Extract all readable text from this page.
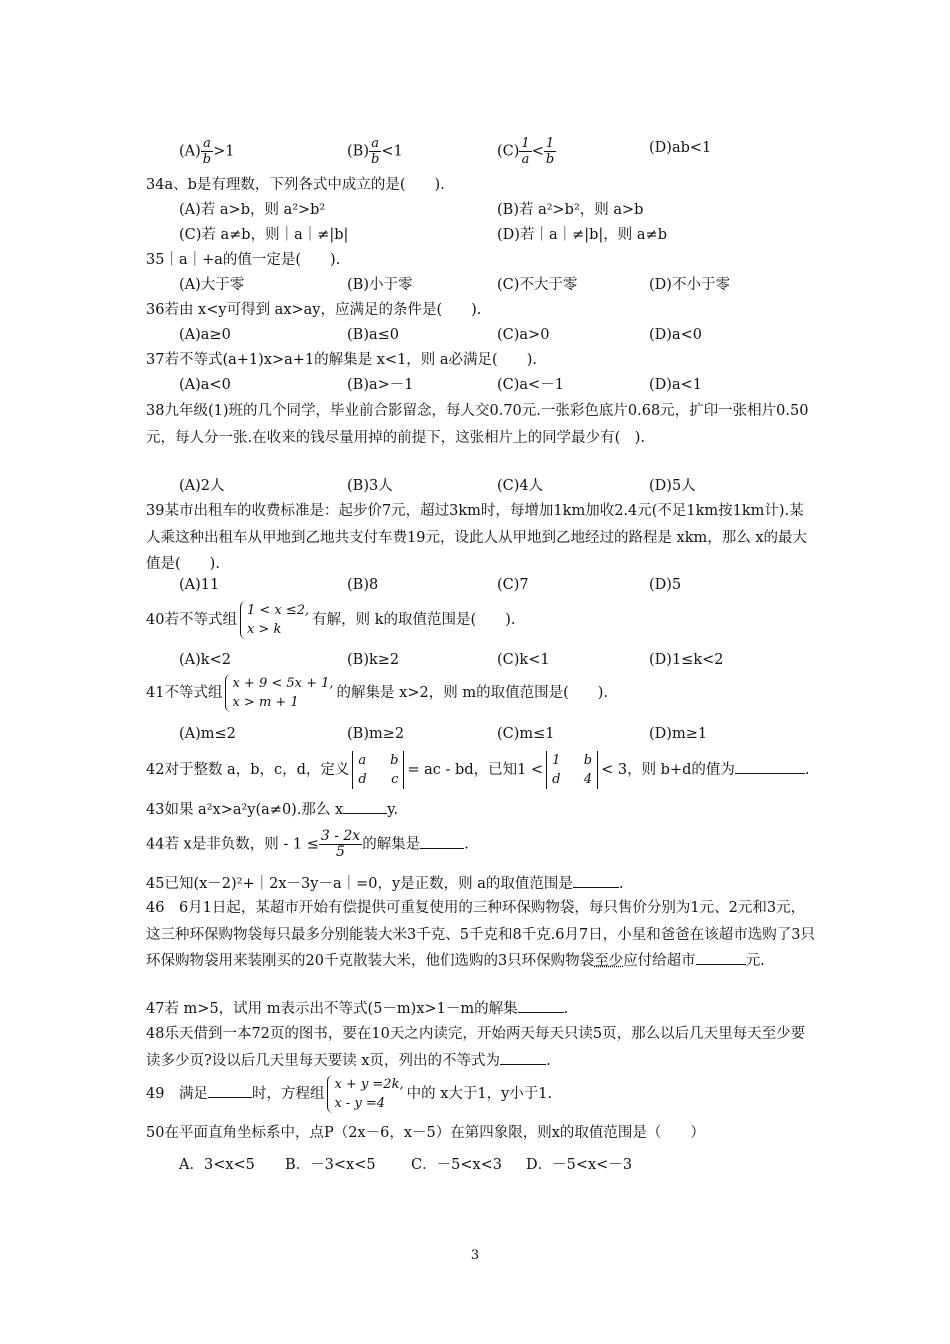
$(A) \frac{a}{b} >1$	$(B) \frac{a}{b} <1$	$(C) \frac{1}{a} < \frac{1}{b}$	(D)ab<1
34a、b是有理数，下列各式中成立的是(　　).
(A)若 a>b，则 a²>b²	(B)若 a²>b²，则 a>b
(C)若 a≠b，则｜a｜≠|b|	(D)若｜a｜≠|b|，则 a≠b
35｜a｜+a的值一定是(　　).
(A)大于零	(B)小于零	(C)不大于零	(D)不小于零
36若由 x<y可得到 ax>ay，应满足的条件是(　　).
(A)a≥0	(B)a≤0	(C)a>0	(D)a<0
37若不等式(a+1)x>a+1的解集是 x<1，则 a必满足(　　).
(A)a<0	(B)a>－1	(C)a<－1	(D)a<1
38九年级(1)班的几个同学，毕业前合影留念，每人交0.70元.一张彩色底片0.68元，扩印一张相片0.50元，每人分一张.在收来的钱尽量用掉的前提下，这张相片上的同学最少有(　).
(A)2人	(B)3人	(C)4人	(D)5人
39某市出租车的收费标准是：起步价7元，超过3km时，每增加1km加收2.4元(不足1km按1km计).某人乘这种出租车从甲地到乙地共支付车费19元，设此人从甲地到乙地经过的路程是 xkm，那么 x的最大值是(　　).
(A)11	(B)8	(C)7	(D)5
40若不等式组
1 < x ≤2,
x > k
有解，则 k的取值范围是(　　).
(A)k<2	(B)k≥2	(C)k<1	(D)1≤k<2
41不等式组
x + 9 < 5x + 1,
x > m + 1
的解集是 x>2，则 m的取值范围是(　　).
(A)m≤2	(B)m≥2	(C)m≤1	(D)m≥1
42对于整数 a，b，c，d，定义
a b
d c
= ac - bd，已知1 <
1 b
d 4
< 3，则 b+d的值为	.
43如果 a²x>a²y(a≠0).那么 x	y.
44若 x是非负数，则 - $1 \le \frac{3 - 2x}{5}$ 的解集是	.
45已知(x－2)²+｜2x－3y－a｜=0，y是正数，则 a的取值范围是	.
46　6月1日起，某超市开始有偿提供可重复使用的三种环保购物袋，每只售价分别为1元、2元和3元，这三种环保购物袋每只最多分别能装大米3千克、5千克和8千克.6月7日，小星和爸爸在该超市选购了3只环保购物袋用来装刚买的20千克散装大米，他们选购的3只环保购物袋至少应付给超市	元.
47若 m>5，试用 m表示出不等式(5－m)x>1－m的解集	.
48乐天借到一本72页的图书，要在10天之内读完，开始两天每天只读5页，那么以后几天里每天至少要读多少页?设以后几天里每天要读 x页，列出的不等式为	.
49　满足	时，方程组
x + y =2k,
x - y =4
中的 x大于1，y小于1.
50在平面直角坐标系中，点P（2x－6，x－5）在第四象限，则x的取值范围是（　　）
A．3<x<5 B．－3<x<5 C．－5<x<3 D．－5<x<－3
3
